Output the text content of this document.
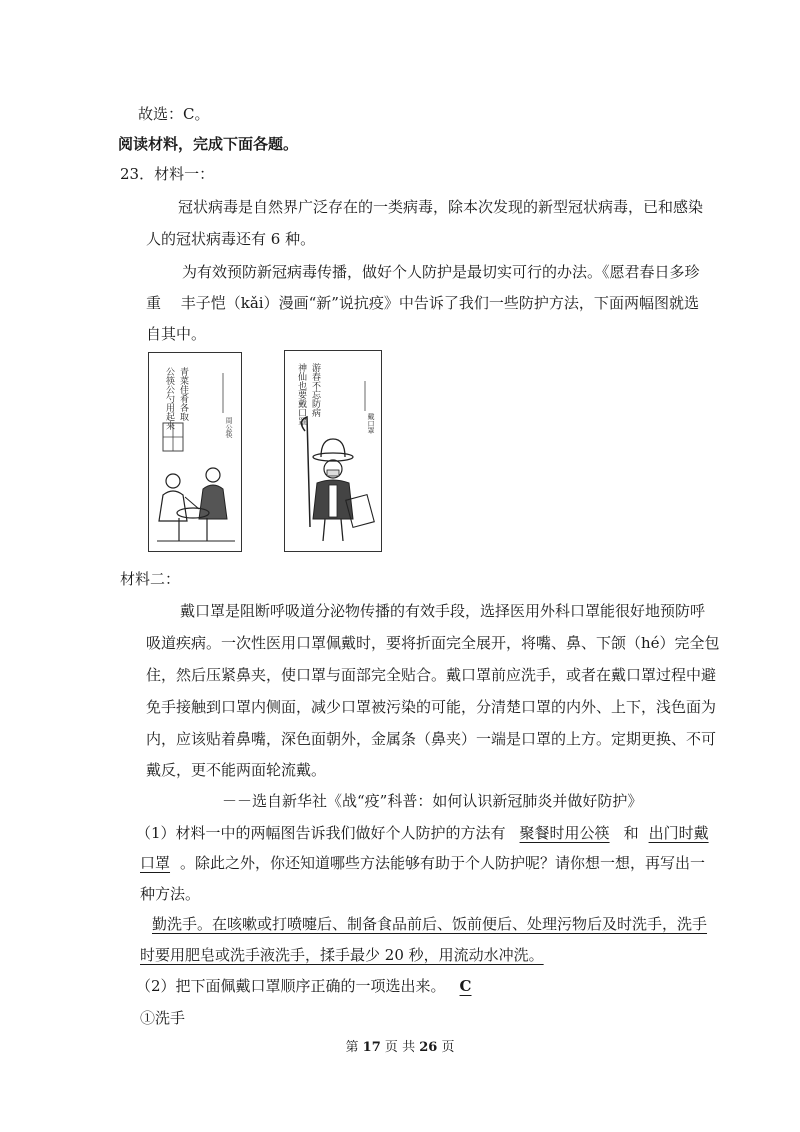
故选：C。
阅读材料，完成下面各题。
23．材料一：
冠状病毒是自然界广泛存在的一类病毒，除本次发现的新型冠状病毒，已和感染
人的冠状病毒还有 6 种。
为有效预防新冠病毒传播，做好个人防护是最切实可行的办法。《愿君春日多珍
重　 丰子恺（kǎi）漫画“新”说抗疫》中告诉了我们一些防护方法，下面两幅图就选
自其中。
青菜佳肴各取
公筷公勺用起来	周公筷
游春不忘防病
神仙也要戴口罩	戴口罩
材料二：
戴口罩是阻断呼吸道分泌物传播的有效手段，选择医用外科口罩能很好地预防呼
吸道疾病。一次性医用口罩佩戴时，要将折面完全展开，将嘴、鼻、下颌（hé）完全包
住，然后压紧鼻夹，使口罩与面部完全贴合。戴口罩前应洗手，或者在戴口罩过程中避
免手接触到口罩内侧面，减少口罩被污染的可能，分清楚口罩的内外、上下，浅色面为
内，应该贴着鼻嘴，深色面朝外，金属条（鼻夹）一端是口罩的上方。定期更换、不可
戴反，更不能两面轮流戴。
－－选自新华社《战“疫”科普：如何认识新冠肺炎并做好防护》
（1）材料一中的两幅图告诉我们做好个人防护的方法有 聚餐时用公筷 和 出门时戴
口罩 。除此之外，你还知道哪些方法能够有助于个人防护呢？请你想一想，再写出一
种方法。
勤洗手。在咳嗽或打喷嚏后、制备食品前后、饭前便后、处理污物后及时洗手，洗手
时要用肥皂或洗手液洗手，揉手最少 20 秒，用流动水冲洗。
（2）把下面佩戴口罩顺序正确的一项选出来。 C
①洗手
第 17 页 共 26 页
